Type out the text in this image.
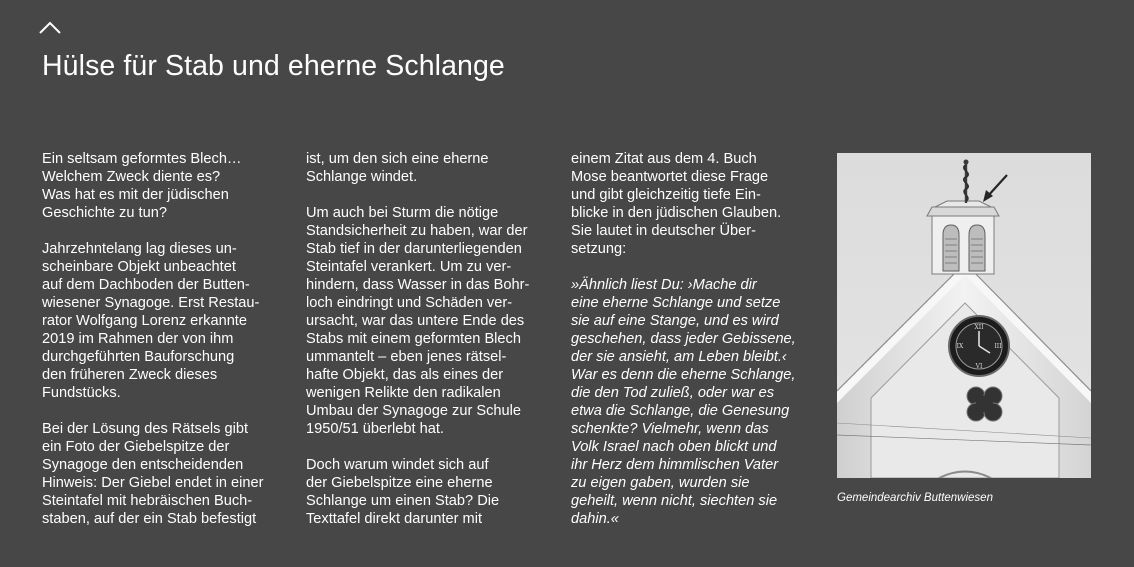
Hülse für Stab und eherne Schlange
Ein seltsam geformtes Blech…
Welchem Zweck diente es?
Was hat es mit der jüdischen
Geschichte zu tun?
Jahrzehntelang lag dieses un-
scheinbare Objekt unbeachtet
auf dem Dachboden der Butten-
wiesener Synagoge. Erst Restau-
rator Wolfgang Lorenz erkannte
2019 im Rahmen der von ihm
durchgeführten Bauforschung
den früheren Zweck dieses
Fundstücks.
Bei der Lösung des Rätsels gibt
ein Foto der Giebelspitze der
Synagoge den entscheidenden
Hinweis: Der Giebel endet in einer
Steintafel mit hebräischen Buch-
staben, auf der ein Stab befestigt
ist, um den sich eine eherne
Schlange windet.
Um auch bei Sturm die nötige
Standsicherheit zu haben, war der
Stab tief in der darunterliegenden
Steintafel verankert. Um zu ver-
hindern, dass Wasser in das Bohr-
loch eindringt und Schäden ver-
ursacht, war das untere Ende des
Stabs mit einem geformten Blech
ummantelt – eben jenes rätsel-
hafte Objekt, das als eines der
wenigen Relikte den radikalen
Umbau der Synagoge zur Schule
1950/51 überlebt hat.
Doch warum windet sich auf
der Giebelspitze eine eherne
Schlange um einen Stab? Die
Texttafel direkt darunter mit
einem Zitat aus dem 4. Buch
Mose beantwortet diese Frage
und gibt gleichzeitig tiefe Ein-
blicke in den jüdischen Glauben.
Sie lautet in deutscher Über-
setzung:
»Ähnlich liest Du: ›Mache dir
eine eherne Schlange und setze
sie auf eine Stange, und es wird
geschehen, dass jeder Gebissene,
der sie ansieht, am Leben bleibt.‹
War es denn die eherne Schlange,
die den Tod zuließ, oder war es
etwa die Schlange, die Genesung
schenkte? Vielmehr, wenn das
Volk Israel nach oben blickt und
ihr Herz dem himmlischen Vater
zu eigen gaben, wurden sie
geheilt, wenn nicht, siechten sie
dahin.«
XII
VI
IX	III
Gemeindearchiv Buttenwiesen
